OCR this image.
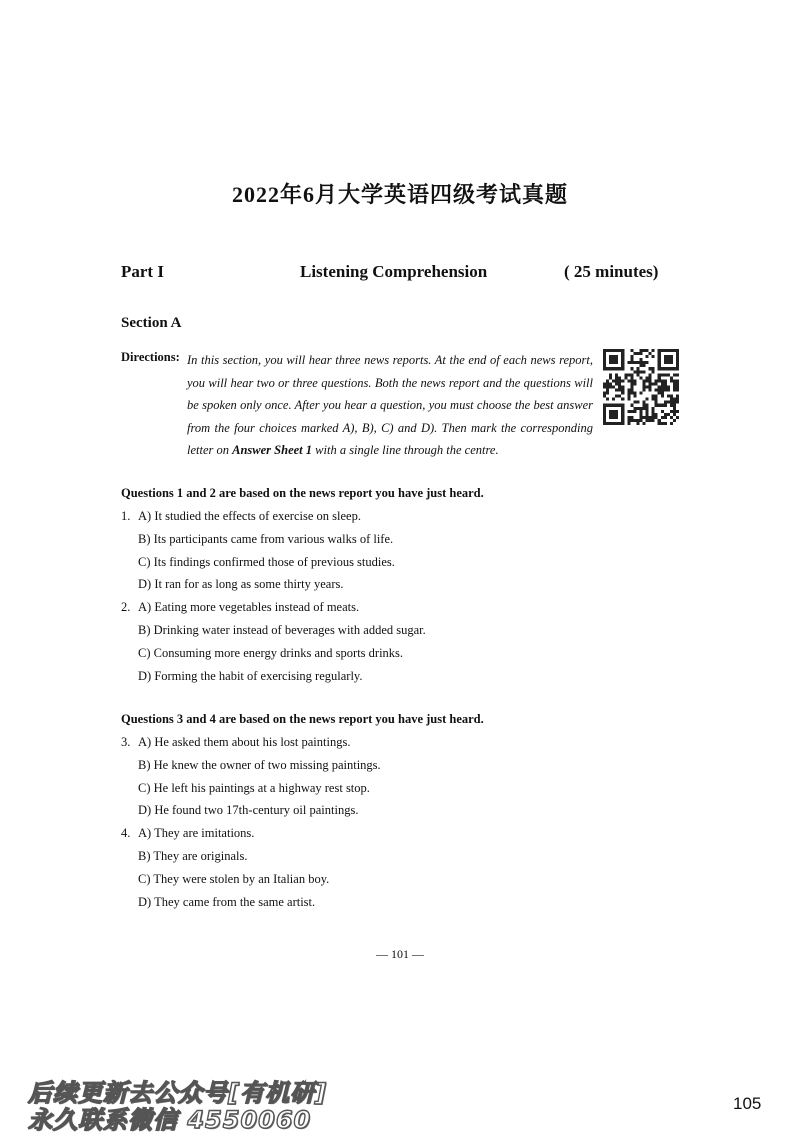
2022年6月大学英语四级考试真题
Part I	Listening Comprehension	( 25 minutes)
Section A
Directions: In this section, you will hear three news reports. At the end of each news report, you will hear two or three questions. Both the news report and the questions will be spoken only once. After you hear a question, you must choose the best answer from the four choices marked A), B), C) and D). Then mark the corresponding letter on Answer Sheet 1 with a single line through the centre.
Questions 1 and 2 are based on the news report you have just heard.
1. A) It studied the effects of exercise on sleep.
B) Its participants came from various walks of life.
C) Its findings confirmed those of previous studies.
D) It ran for as long as some thirty years.
2. A) Eating more vegetables instead of meats.
B) Drinking water instead of beverages with added sugar.
C) Consuming more energy drinks and sports drinks.
D) Forming the habit of exercising regularly.
Questions 3 and 4 are based on the news report you have just heard.
3. A) He asked them about his lost paintings.
B) He knew the owner of two missing paintings.
C) He left his paintings at a highway rest stop.
D) He found two 17th-century oil paintings.
4. A) They are imitations.
B) They are originals.
C) They were stolen by an Italian boy.
D) They came from the same artist.
— 101 —
后续更新去公众号[有机研]
永久联系微信 4550060
105
